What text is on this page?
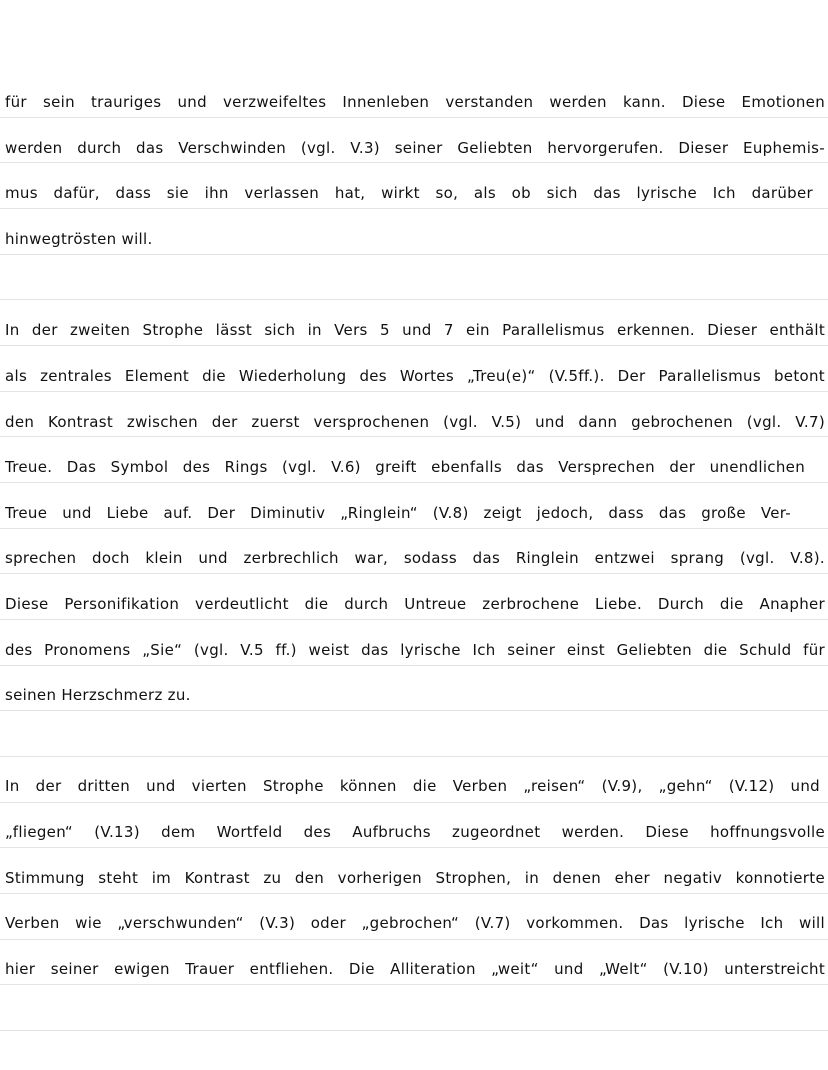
für sein trauriges und verzweifeltes Innenleben verstanden werden kann. Diese Emotionen
werden durch das Verschwinden (vgl. V.3) seiner Geliebten hervorgerufen. Dieser Euphemis-
mus dafür, dass sie ihn verlassen hat, wirkt so, als ob sich das lyrische Ich darüber
hinwegtrösten will.
In der zweiten Strophe lässt sich in Vers 5 und 7 ein Parallelismus erkennen. Dieser enthält
als zentrales Element die Wiederholung des Wortes „Treu(e)“ (V.5ff.). Der Parallelismus betont
den Kontrast zwischen der zuerst versprochenen (vgl. V.5) und dann gebrochenen (vgl. V.7)
Treue. Das Symbol des Rings (vgl. V.6) greift ebenfalls das Versprechen der unendlichen
Treue und Liebe auf. Der Diminutiv „Ringlein“ (V.8) zeigt jedoch, dass das große Ver-
sprechen doch klein und zerbrechlich war, sodass das Ringlein entzwei sprang (vgl. V.8).
Diese Personifikation verdeutlicht die durch Untreue zerbrochene Liebe. Durch die Anapher
des Pronomens „Sie“ (vgl. V.5 ff.) weist das lyrische Ich seiner einst Geliebten die Schuld für
seinen Herzschmerz zu.
In der dritten und vierten Strophe können die Verben „reisen“ (V.9), „gehn“ (V.12) und
„fliegen“ (V.13) dem Wortfeld des Aufbruchs zugeordnet werden. Diese hoffnungsvolle
Stimmung steht im Kontrast zu den vorherigen Strophen, in denen eher negativ konnotierte
Verben wie „verschwunden“ (V.3) oder „gebrochen“ (V.7) vorkommen. Das lyrische Ich will
hier seiner ewigen Trauer entfliehen. Die Alliteration „weit“ und „Welt“ (V.10) unterstreicht
